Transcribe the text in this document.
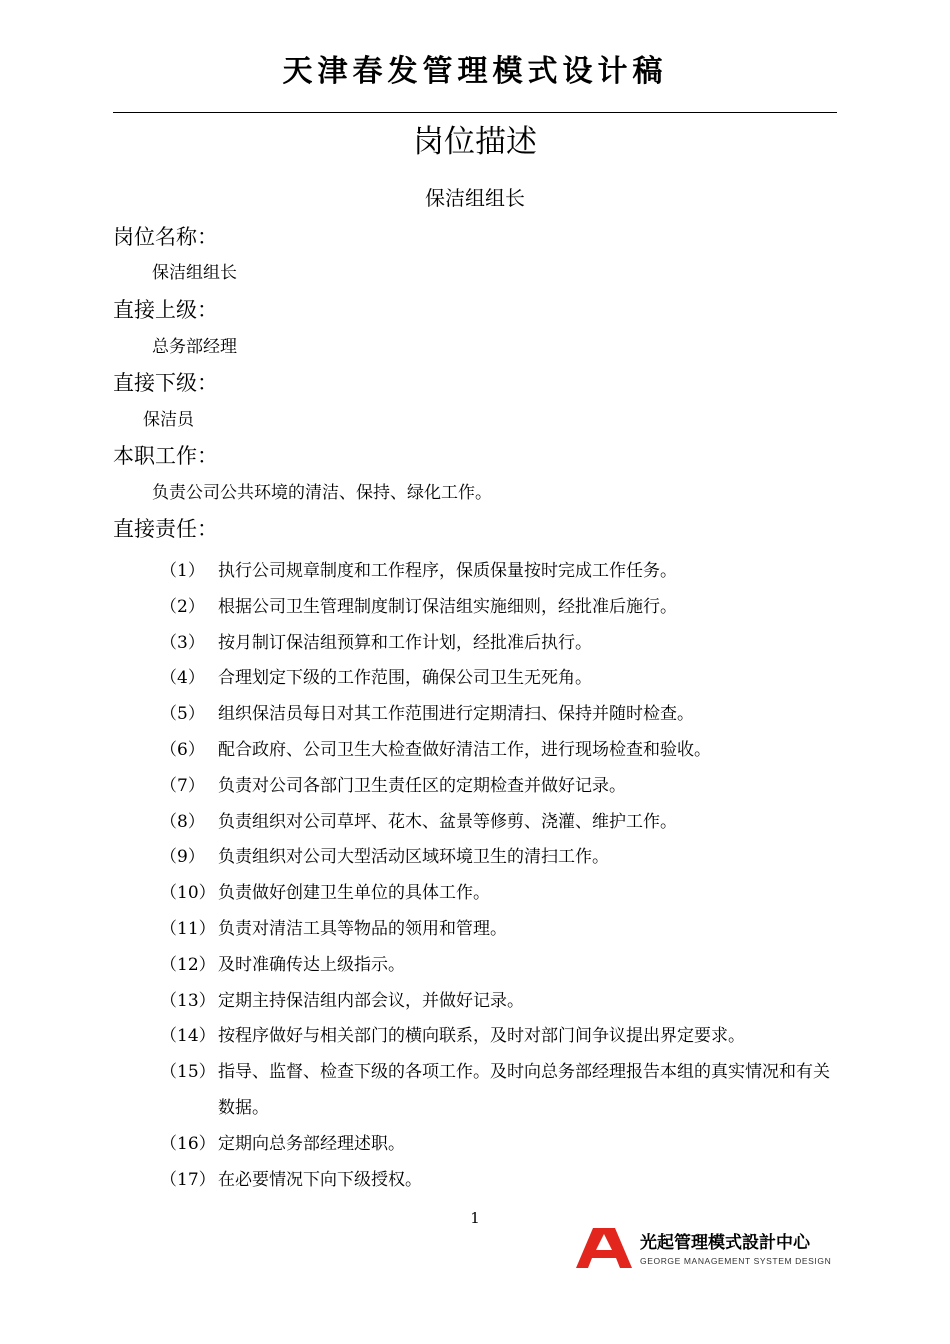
天津春发管理模式设计稿
岗位描述
保洁组组长
岗位名称：
保洁组组长
直接上级：
总务部经理
直接下级：
保洁员
本职工作：
负责公司公共环境的清洁、保持、绿化工作。
直接责任：
（1） 执行公司规章制度和工作程序，保质保量按时完成工作任务。
（2） 根据公司卫生管理制度制订保洁组实施细则，经批准后施行。
（3） 按月制订保洁组预算和工作计划，经批准后执行。
（4） 合理划定下级的工作范围，确保公司卫生无死角。
（5） 组织保洁员每日对其工作范围进行定期清扫、保持并随时检查。
（6） 配合政府、公司卫生大检查做好清洁工作，进行现场检查和验收。
（7） 负责对公司各部门卫生责任区的定期检查并做好记录。
（8） 负责组织对公司草坪、花木、盆景等修剪、浇灌、维护工作。
（9） 负责组织对公司大型活动区域环境卫生的清扫工作。
（10） 负责做好创建卫生单位的具体工作。
（11） 负责对清洁工具等物品的领用和管理。
（12） 及时准确传达上级指示。
（13） 定期主持保洁组内部会议，并做好记录。
（14） 按程序做好与相关部门的横向联系，及时对部门间争议提出界定要求。
（15） 指导、监督、检查下级的各项工作。及时向总务部经理报告本组的真实情况和有关数据。
（16） 定期向总务部经理述职。
（17） 在必要情况下向下级授权。
1
光起管理模式設計中心
GEORGE MANAGEMENT SYSTEM DESIGN
